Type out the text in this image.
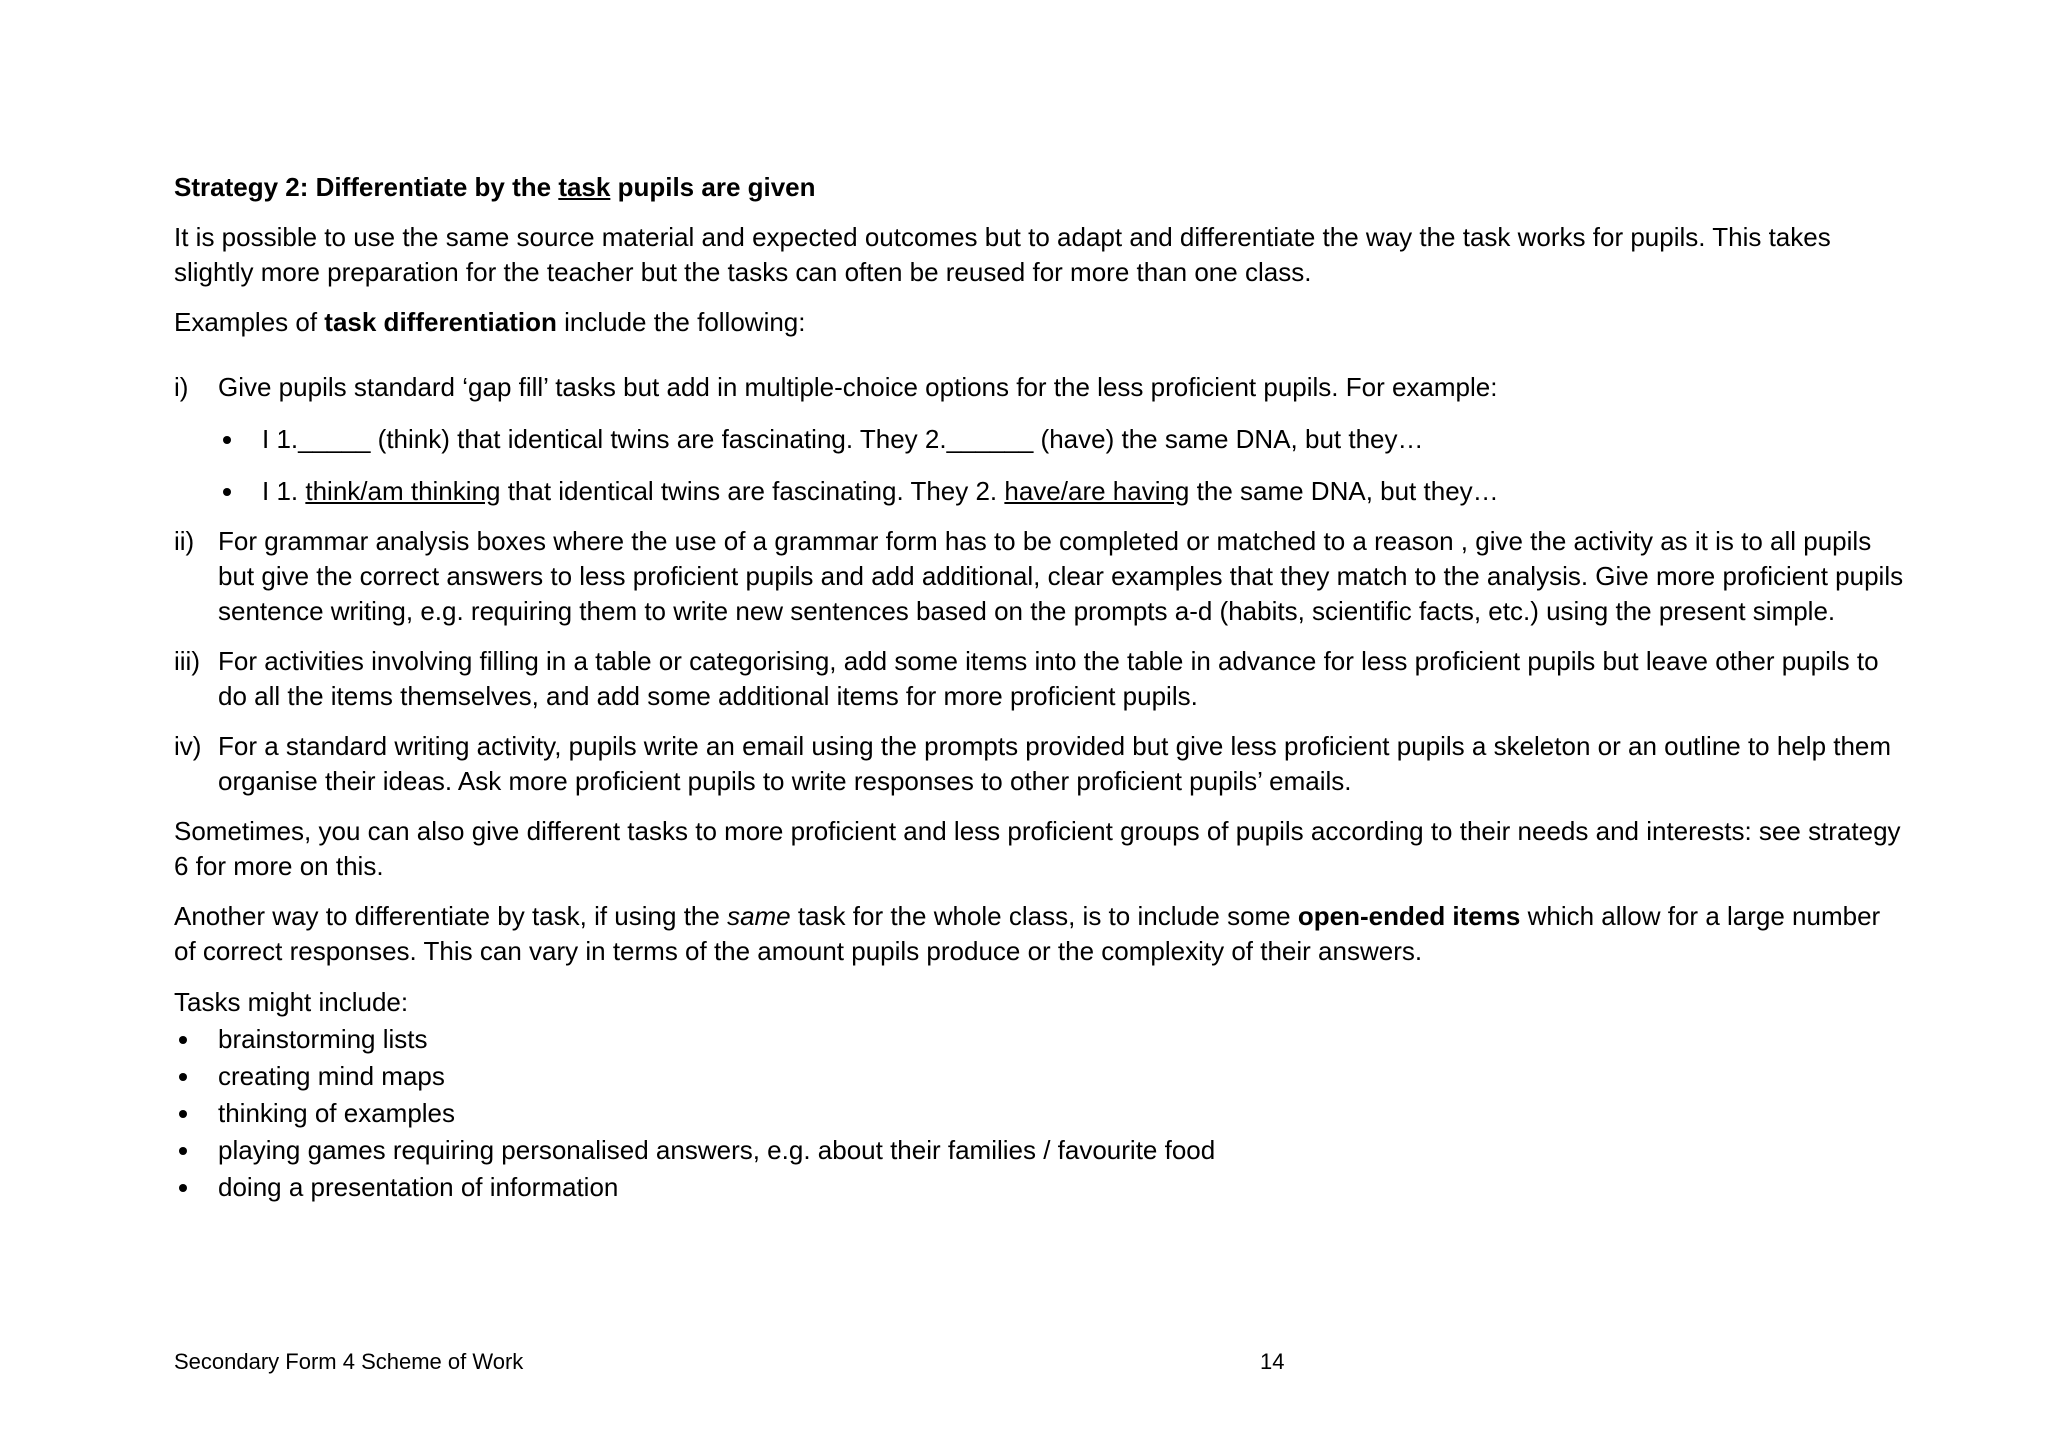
Strategy 2: Differentiate by the task pupils are given
It is possible to use the same source material and expected outcomes but to adapt and differentiate the way the task works for pupils. This takes slightly more preparation for the teacher but the tasks can often be reused for more than one class.
Examples of task differentiation include the following:
i) Give pupils standard ‘gap fill’ tasks but add in multiple-choice options for the less proficient pupils. For example:
I 1._____ (think) that identical twins are fascinating. They 2.______ (have) the same DNA, but they…
I 1. think/am thinking that identical twins are fascinating. They 2. have/are having the same DNA, but they…
ii) For grammar analysis boxes where the use of a grammar form has to be completed or matched to a reason , give the activity as it is to all pupils but give the correct answers to less proficient pupils and add additional, clear examples that they match to the analysis. Give more proficient pupils sentence writing, e.g. requiring them to write new sentences based on the prompts a-d (habits, scientific facts, etc.) using the present simple.
iii) For activities involving filling in a table or categorising, add some items into the table in advance for less proficient pupils but leave other pupils to do all the items themselves, and add some additional items for more proficient pupils.
iv) For a standard writing activity, pupils write an email using the prompts provided but give less proficient pupils a skeleton or an outline to help them organise their ideas. Ask more proficient pupils to write responses to other proficient pupils’ emails.
Sometimes, you can also give different tasks to more proficient and less proficient groups of pupils according to their needs and interests: see strategy 6 for more on this.
Another way to differentiate by task, if using the same task for the whole class, is to include some open-ended items which allow for a large number of correct responses. This can vary in terms of the amount pupils produce or the complexity of their answers.
Tasks might include:
brainstorming lists
creating mind maps
thinking of examples
playing games requiring personalised answers, e.g. about their families / favourite food
doing a presentation of information
Secondary Form 4 Scheme of Work	14
